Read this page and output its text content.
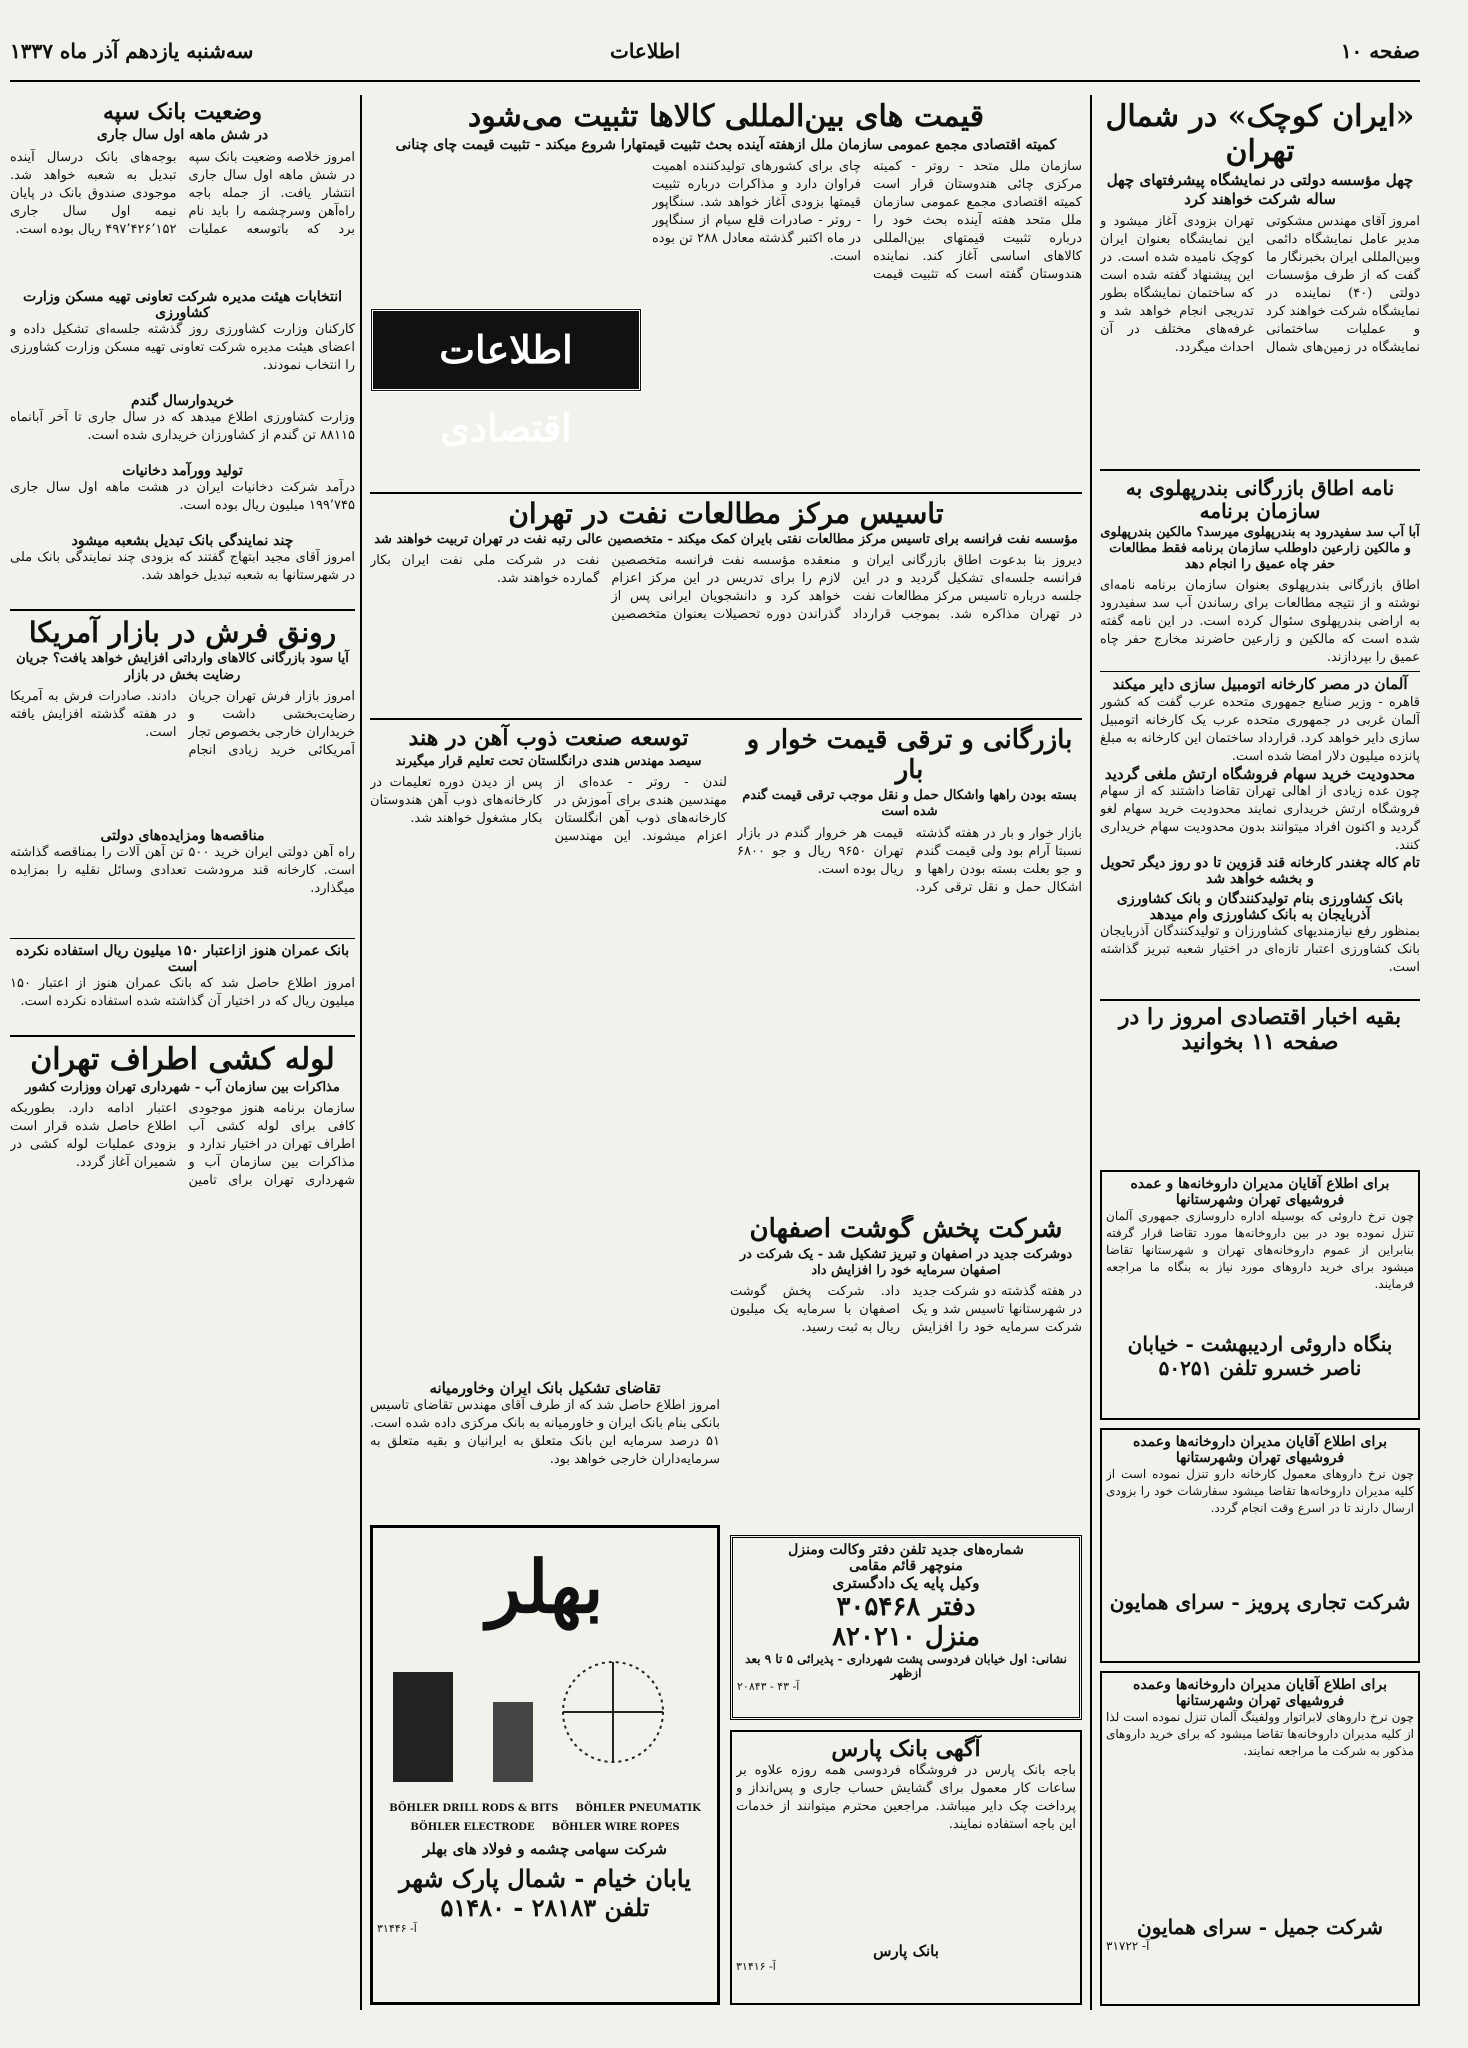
صفحه ۱۰
اطلاعات
سه‌شنبه یازدهم آذر ماه ۱۳۳۷
«ایران کوچک» در شمال تهران
چهل مؤسسه دولتی در نمایشگاه پیشرفتهای چهل ساله شرکت خواهند کرد

امروز آقای مهندس مشکوتی مدیر عامل نمایشگاه دائمی وبین‌المللی ایران بخبرنگار ما گفت که از طرف مؤسسات دولتی (۴۰) نماینده در نمایشگاه شرکت خواهند کرد و عملیات ساختمانی نمایشگاه در زمین‌های شمال تهران بزودی آغاز میشود و این نمایشگاه بعنوان ایران کوچک نامیده شده است. در این پیشنهاد گفته شده است که ساختمان نمایشگاه بطور تدریجی انجام خواهد شد و غرفه‌های مختلف در آن احداث میگردد.

نامه اطاق بازرگانی بندرپهلوی به سازمان برنامه
آبا آب سد سفیدرود به بندرپهلوی میرسد؟ مالکین بندرپهلوی و مالکین زارعین داوطلب سازمان برنامه فقط مطالعات حفر چاه عمیق را انجام دهد

اطاق بازرگانی بندرپهلوی بعنوان سازمان برنامه نامه‌ای نوشته و از نتیجه مطالعات برای رساندن آب سد سفیدرود به اراضی بندرپهلوی سئوال کرده است. در این نامه گفته شده است که مالکین و زارعین حاضرند مخارج حفر چاه عمیق را بپردازند.

آلمان در مصر کارخانه اتومبیل سازی دایر میکند

قاهره - وزیر صنایع جمهوری متحده عرب گفت که کشور آلمان غربی در جمهوری متحده عرب یک کارخانه اتومبیل سازی دایر خواهد کرد. قرارداد ساختمان این کارخانه به مبلغ پانزده میلیون دلار امضا شده است.

محدودیت خرید سهام فروشگاه ارتش ملغی گردید

چون عده زیادی از اهالی تهران تقاضا داشتند که از سهام فروشگاه ارتش خریداری نمایند محدودیت خرید سهام لغو گردید و اکنون افراد میتوانند بدون محدودیت سهام خریداری کنند.

تام کاله چغندر کارخانه قند قزوین تا دو روز دیگر تحویل و بخشه خواهد شد
بانک کشاورزی بنام تولیدکنندگان و بانک کشاورزی آذربایجان به بانک کشاورزی وام میدهد

بمنظور رفع نیازمندیهای کشاورزان و تولیدکنندگان آذربایجان بانک کشاورزی اعتبار تازه‌ای در اختیار شعبه تبریز گذاشته است.

بقیه اخبار اقتصادی امروز را در صفحه ۱۱ بخوانید
برای اطلاع آقایان مدیران داروخانه‌ها و عمده فروشیهای تهران وشهرستانها

چون نرخ داروئی که بوسیله اداره داروسازی جمهوری آلمان تنزل نموده بود در بین داروخانه‌ها مورد تقاضا قرار گرفته بنابراین از عموم داروخانه‌های تهران و شهرستانها تقاضا میشود برای خرید داروهای مورد نیاز به بنگاه ما مراجعه فرمایند.

بنگاه داروئی اردیبهشت - خیابان ناصر خسرو تلفن ۵۰۲۵۱
برای اطلاع آقایان مدیران داروخانه‌ها وعمده فروشیهای تهران وشهرستانها

چون نرخ داروهای معمول کارخانه دارو تنزل نموده است از کلیه مدیران داروخانه‌ها تقاضا میشود سفارشات خود را بزودی ارسال دارند تا در اسرع وقت انجام گردد.

شرکت تجاری پرویز - سرای همایون
برای اطلاع آقایان مدیران داروخانه‌ها وعمده فروشیهای تهران وشهرستانها

چون نرخ داروهای لابراتوار وولفینگ آلمان تنزل نموده است لذا از کلیه مدیران داروخانه‌ها تقاضا میشود که برای خرید داروهای مذکور به شرکت ما مراجعه نمایند.

شرکت جمیل - سرای همایون
آ- ۳۱۷۲۲
قیمت های بین‌المللی کالاها تثبیت می‌شود
کمیته اقتصادی مجمع عمومی سازمان ملل ازهفته آینده بحث تثبیت قیمتهارا شروع میکند - تثبیت قیمت چای چنانی

سازمان ملل متحد - روتر - کمیته مرکزی چائی هندوستان قرار است کمیته اقتصادی مجمع عمومی سازمان ملل متحد هفته آینده بحث خود را درباره تثبیت قیمتهای بین‌المللی کالاهای اساسی آغاز کند. نماینده هندوستان گفته است که تثبیت قیمت چای برای کشورهای تولیدکننده اهمیت فراوان دارد و مذاکرات درباره تثبیت قیمتها بزودی آغاز خواهد شد. سنگاپور - روتر - صادرات قلع سیام از سنگاپور در ماه اکتبر گذشته معادل ۲۸۸ تن بوده است.

اطلاعات اقتصادی
تاسیس مرکز مطالعات نفت در تهران
مؤسسه نفت فرانسه برای تاسیس مرکز مطالعات نفتی بایران کمک میکند - متخصصین عالی رتبه نفت در تهران تربیت خواهند شد

دیروز بنا بدعوت اطاق بازرگانی ایران و فرانسه جلسه‌ای تشکیل گردید و در این جلسه درباره تاسیس مرکز مطالعات نفت در تهران مذاکره شد. بموجب قرارداد منعقده مؤسسه نفت فرانسه متخصصین لازم را برای تدریس در این مرکز اعزام خواهد کرد و دانشجویان ایرانی پس از گذراندن دوره تحصیلات بعنوان متخصصین نفت در شرکت ملی نفت ایران بکار گمارده خواهند شد.

بازرگانی و ترقی قیمت خوار و بار
بسته بودن راهها واشکال حمل و نقل موجب ترقی قیمت گندم شده است

بازار خوار و بار در هفته گذشته نسبتا آرام بود ولی قیمت گندم و جو بعلت بسته بودن راهها و اشکال حمل و نقل ترقی کرد. قیمت هر خروار گندم در بازار تهران ۹۶۵۰ ریال و جو ۶۸۰۰ ریال بوده است.

توسعه صنعت ذوب آهن در هند
سیصد مهندس هندی درانگلستان تحت تعلیم قرار میگیرند

لندن - روتر - عده‌ای از مهندسین هندی برای آموزش در کارخانه‌های ذوب آهن انگلستان اعزام میشوند. این مهندسین پس از دیدن دوره تعلیمات در کارخانه‌های ذوب آهن هندوستان بکار مشغول خواهند شد.

شرکت پخش گوشت اصفهان
دوشرکت جدید در اصفهان و تبریز تشکیل شد - یک شرکت در اصفهان سرمایه خود را افزایش داد

در هفته گذشته دو شرکت جدید در شهرستانها تاسیس شد و یک شرکت سرمایه خود را افزایش داد. شرکت پخش گوشت اصفهان با سرمایه یک میلیون ریال به ثبت رسید.

تقاضای تشکیل بانک ایران وخاورمیانه

امروز اطلاع حاصل شد که از طرف آقای مهندس تقاضای تاسیس بانکی بنام بانک ایران و خاورمیانه به بانک مرکزی داده شده است. ۵۱ درصد سرمایه این بانک متعلق به ایرانیان و بقیه متعلق به سرمایه‌داران خارجی خواهد بود.

شماره‌های جدید تلفن دفتر وکالت ومنزل
منوچهر قائم مقامی
وکیل پایه یک دادگستری
دفتر ۳۰۵۴۶۸
منزل ۸۲۰۲۱۰
نشانی: اول خیابان فردوسی پشت شهرداری - پذیرائی ۵ تا ۹ بعد ازظهر
آ- ۴۳ - ۲۰۸۴۳
آگهی بانک پارس

باجه بانک پارس در فروشگاه فردوسی همه روزه علاوه بر ساعات کار معمول برای گشایش حساب جاری و پس‌انداز و پرداخت چک دایر میباشد. مراجعین محترم میتوانند از خدمات این باجه استفاده نمایند.

بانک پارس
آ- ۳۱۴۱۶
بهلر
BÖHLER DRILL RODS & BITS BÖHLER PNEUMATIK BÖHLER ELECTRODE BÖHLER WIRE ROPES
شرکت سهامی چشمه و فولاد های بهلر
یابان خیام - شمال پارک شهر
تلفن ۲۸۱۸۳ - ۵۱۴۸۰
آ- ۳۱۴۴۶
وضعیت بانک سپه
در شش ماهه اول سال جاری

امروز خلاصه وضعیت بانک سپه در شش ماهه اول سال جاری انتشار یافت. از جمله باجه راه‌آهن وسرچشمه را باید نام برد که باتوسعه عملیات بوجه‌های بانک درسال آینده تبدیل به شعبه خواهد شد. موجودی صندوق بانک در پایان نیمه اول سال جاری ۴۹۷٬۴۲۶٬۱۵۲ ریال بوده است.

انتخابات هیئت مدیره شرکت تعاونی تهیه مسکن وزارت کشاورزی

کارکنان وزارت کشاورزی روز گذشته جلسه‌ای تشکیل داده و اعضای هیئت مدیره شرکت تعاونی تهیه مسکن وزارت کشاورزی را انتخاب نمودند.

خریدوارسال گندم

وزارت کشاورزی اطلاع میدهد که در سال جاری تا آخر آبانماه ۸۸۱۱۵ تن گندم از کشاورزان خریداری شده است.

تولید وورآمد دخانیات

درآمد شرکت دخانیات ایران در هشت ماهه اول سال جاری ۱۹۹٬۷۴۵ میلیون ریال بوده است.

چند نمایندگی بانک تبدیل بشعبه میشود

امروز آقای مجید ابتهاج گفتند که بزودی چند نمایندگی بانک ملی در شهرستانها به شعبه تبدیل خواهد شد.

رونق فرش در بازار آمریکا
آیا سود بازرگانی کالاهای وارداتی افزایش خواهد یافت؟ جریان رضایت بخش در بازار

امروز بازار فرش تهران جریان رضایت‌بخشی داشت و خریداران خارجی بخصوص تجار آمریکائی خرید زیادی انجام دادند. صادرات فرش به آمریکا در هفته گذشته افزایش یافته است.

مناقصه‌ها ومزایده‌های دولتی

راه آهن دولتی ایران خرید ۵۰۰ تن آهن آلات را بمناقصه گذاشته است. کارخانه قند مرودشت تعدادی وسائل نقلیه را بمزایده میگذارد.

بانک عمران هنوز ازاعتبار ۱۵۰ میلیون ریال استفاده نکرده است

امروز اطلاع حاصل شد که بانک عمران هنوز از اعتبار ۱۵۰ میلیون ریال که در اختیار آن گذاشته شده استفاده نکرده است.

لوله کشی اطراف تهران
مذاکرات بین سازمان آب - شهرداری تهران ووزارت کشور

سازمان برنامه هنوز موجودی کافی برای لوله کشی آب اطراف تهران در اختیار ندارد و مذاکرات بین سازمان آب و شهرداری تهران برای تامین اعتبار ادامه دارد. بطوریکه اطلاع حاصل شده قرار است بزودی عملیات لوله کشی در شمیران آغاز گردد.
